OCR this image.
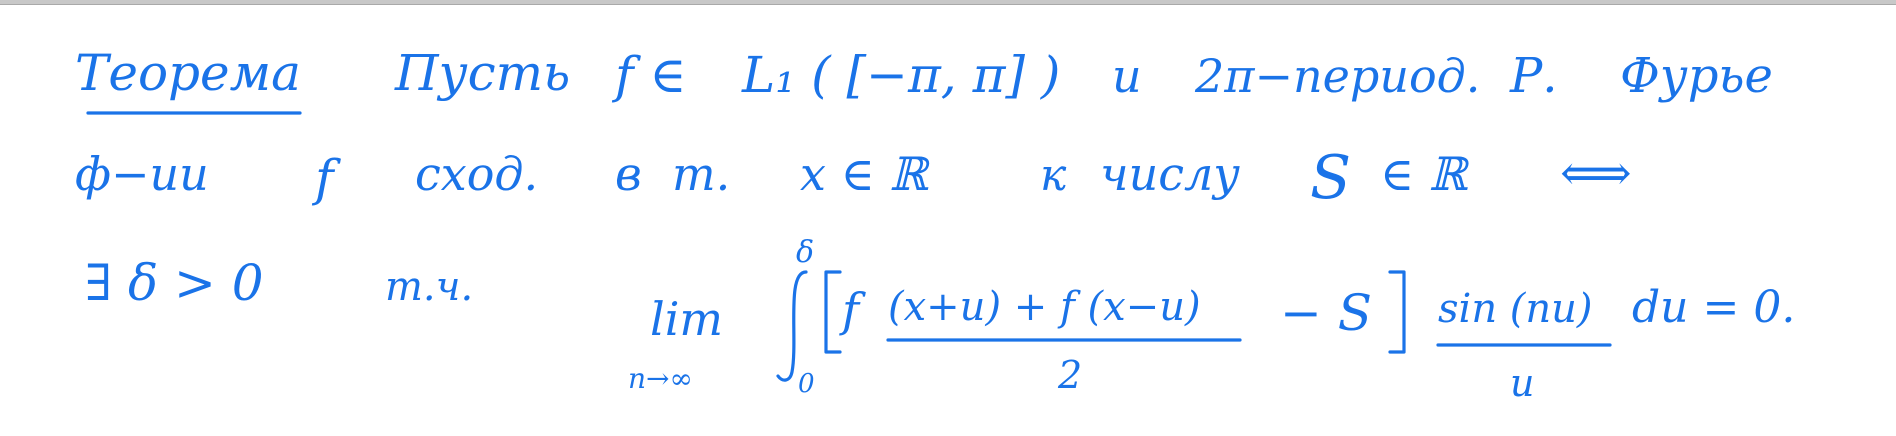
Теорема Пусть f ∈ L₁ ( [−π, π] ) и 2π−период. Р. Фурье
ф−ии f сход. в т. x ∈ ℝ	к числу S ∈ ℝ ⟺
∃ δ > 0	т.ч.
lim
n→∞
δ
0
f (x+u) + f (x−u)
2
− S sin (nu)
u
du = 0.
